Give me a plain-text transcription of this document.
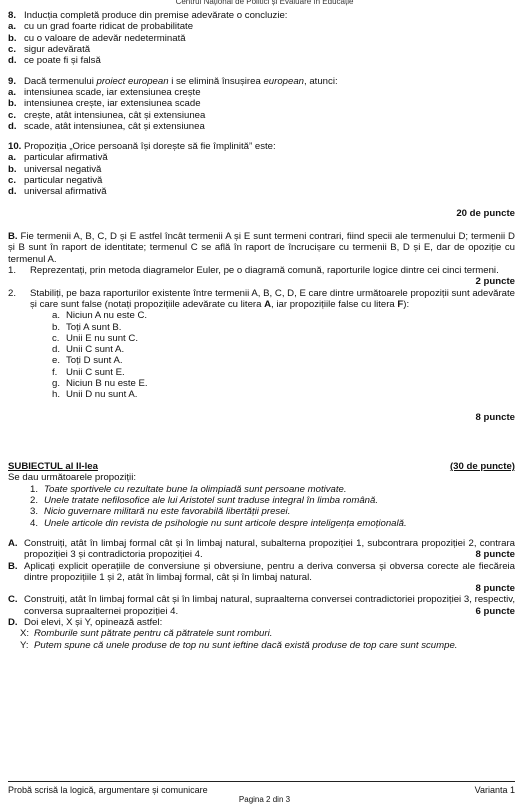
Centrul Național de Politici și Evaluare în Educație
8. Inducția completă produce din premise adevărate o concluzie:
a. cu un grad foarte ridicat de probabilitate
b. cu o valoare de adevăr nedeterminată
c. sigur adevărată
d. ce poate fi și falsă
9. Dacă termenului proiect european i se elimină însușirea european, atunci:
a. intensiunea scade, iar extensiunea crește
b. intensiunea crește, iar extensiunea scade
c. crește, atât intensiunea, cât și extensiunea
d. scade, atât intensiunea, cât și extensiunea
10. Propoziția „Orice persoană își dorește să fie împlinită” este:
a. particular afirmativă
b. universal negativă
c. particular negativă
d. universal afirmativă
20 de puncte
B. Fie termenii A, B, C, D și E astfel încât termenii A și E sunt termeni contrari, fiind specii ale termenului D; termenii D și B sunt în raport de identitate; termenul C se află în raport de încrucișare cu termenii B, D și E, dar de opoziție cu termenul A.
1.	Reprezentați, prin metoda diagramelor Euler, pe o diagramă comună, raporturile logice dintre cei cinci termeni.
2 puncte
2.	Stabiliți, pe baza raporturilor existente între termenii A, B, C, D, E care dintre următoarele propoziții sunt adevărate și care sunt false (notați propozițiile adevărate cu litera A, iar propozițiile false cu litera F):
a. Niciun A nu este C.
b. Toți A sunt B.
c. Unii E nu sunt C.
d. Unii C sunt A.
e. Toți D sunt A.
f. Unii C sunt E.
g. Niciun B nu este E.
h. Unii D nu sunt A.
8 puncte
SUBIECTUL al II-lea	(30 de puncte)
Se dau următoarele propoziții:
1. Toate sportivele cu rezultate bune la olimpiadă sunt persoane motivate.
2. Unele tratate nefilosofice ale lui Aristotel sunt traduse integral în limba română.
3. Nicio guvernare militară nu este favorabilă libertății presei.
4. Unele articole din revista de psihologie nu sunt articole despre inteligența emoțională.
A. Construiți, atât în limbaj formal cât și în limbaj natural, subalterna propoziției 1, subcontrara propoziției 2, contrara propoziției 3 și contradictoria propoziției 4.	8 puncte
B. Aplicați explicit operațiile de conversiune și obversiune, pentru a deriva conversa și obversa corecte ale fiecăreia dintre propozițiile 1 și 2, atât în limbaj formal, cât și în limbaj natural.

8 puncte
C. Construiți, atât în limbaj formal cât și în limbaj natural, supraalterna conversei contradictoriei propoziției 3, respectiv, conversa supraalternei propoziției 4.	6 puncte
D. Doi elevi, X și Y, opinează astfel:
X: Romburile sunt pătrate pentru că pătratele sunt romburi.
Y: Putem spune că unele produse de top nu sunt ieftine dacă există produse de top care sunt scumpe.
Probă scrisă la logică, argumentare și comunicare	Varianta 1
Pagina 2 din 3
